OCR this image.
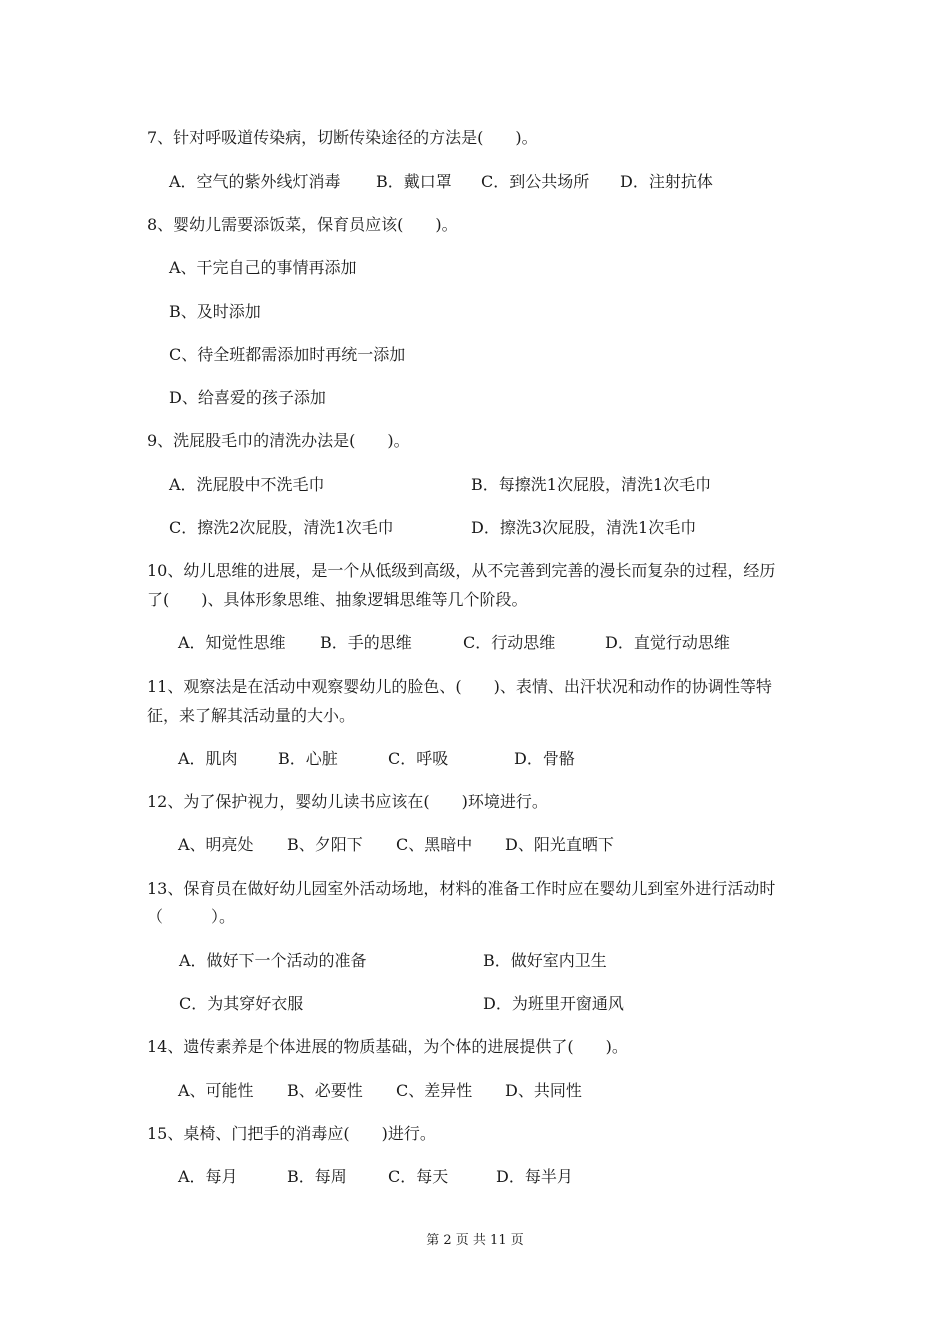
7、针对呼吸道传染病，切断传染途径的方法是(　　)。
A．空气的紫外线灯消毒 B．戴口罩 C．到公共场所 D．注射抗体
8、婴幼儿需要添饭菜，保育员应该(　　)。
A、干完自己的事情再添加
B、及时添加
C、待全班都需添加时再统一添加
D、给喜爱的孩子添加
9、洗屁股毛巾的清洗办法是(　　)。
A．洗屁股中不洗毛巾	B．每擦洗1次屁股，清洗1次毛巾
C．擦洗2次屁股，清洗1次毛巾	D．擦洗3次屁股，清洗1次毛巾
10、幼儿思维的进展，是一个从低级到高级，从不完善到完善的漫长而复杂的过程，经历
了(　　)、具体形象思维、抽象逻辑思维等几个阶段。
A．知觉性思维 B．手的思维	C．行动思维	D．直觉行动思维
11、观察法是在活动中观察婴幼儿的脸色、(　　)、表情、出汗状况和动作的协调性等特
征，来了解其活动量的大小。
A．肌肉	B．心脏	C．呼吸	D．骨骼
12、为了保护视力，婴幼儿读书应该在(　　)环境进行。
A、明亮处 B、夕阳下 C、黑暗中 D、阳光直晒下
13、保育员在做好幼儿园室外活动场地，材料的准备工作时应在婴幼儿到室外进行活动时
（　　　）。
A．做好下一个活动的准备	B．做好室内卫生
C．为其穿好衣服	D．为班里开窗通风
14、遗传素养是个体进展的物质基础，为个体的进展提供了(　　)。
A、可能性 B、必要性 C、差异性 D、共同性
15、桌椅、门把手的消毒应(　　)进行。
A．每月	B．每周	C．每天	D．每半月
第 2 页 共 11 页
